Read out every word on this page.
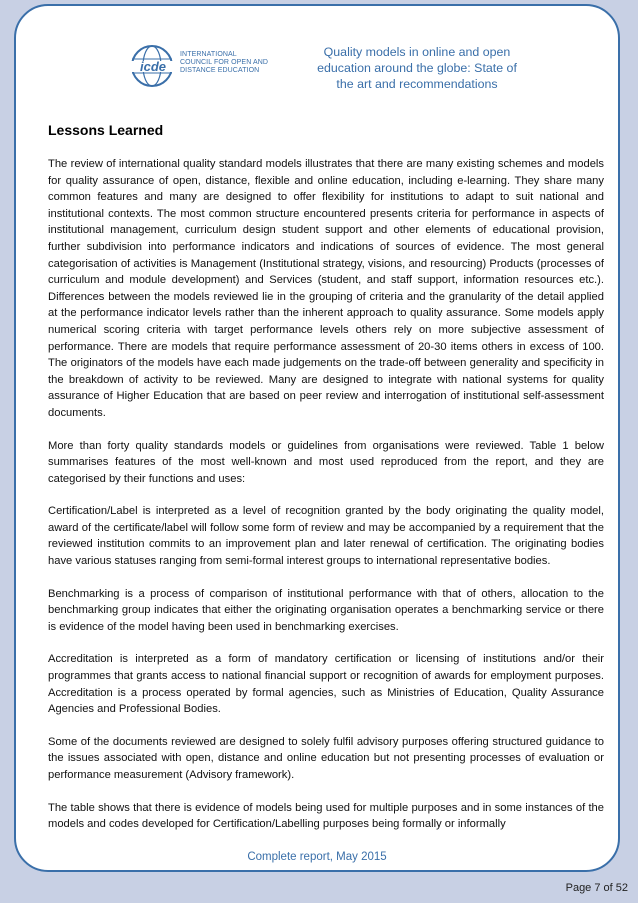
icde
INTERNATIONAL
COUNCIL FOR OPEN AND
DISTANCE EDUCATION
Quality models in online and open
education around the globe: State of
the art and recommendations
Lessons Learned

The review of international quality standard models illustrates that there are many existing schemes and models for quality assurance of open, distance, flexible and online education, including e-learning. They share many common features and many are designed to offer flexibility for institutions to adapt to suit national and institutional contexts. The most common structure encountered presents criteria for performance in aspects of institutional management, curriculum design student support and other elements of educational provision, further subdivision into performance indicators and indications of sources of evidence. The most general categorisation of activities is Management (Institutional strategy, visions, and resourcing) Products (processes of curriculum and module development) and Services (student, and staff support, information resources etc.). Differences between the models reviewed lie in the grouping of criteria and the granularity of the detail applied at the performance indicator levels rather than the inherent approach to quality assurance. Some models apply numerical scoring criteria with target performance levels others rely on more subjective assessment of performance. There are models that require performance assessment of 20-30 items others in excess of 100. The originators of the models have each made judgements on the trade-off between generality and specificity in the breakdown of activity to be reviewed. Many are designed to integrate with national systems for quality assurance of Higher Education that are based on peer review and interrogation of institutional self-assessment documents.

More than forty quality standards models or guidelines from organisations were reviewed. Table 1 below summarises features of the most well-known and most used reproduced from the report, and they are categorised by their functions and uses:

Certification/Label is interpreted as a level of recognition granted by the body originating the quality model, award of the certificate/label will follow some form of review and may be accompanied by a requirement that the reviewed institution commits to an improvement plan and later renewal of certification. The originating bodies have various statuses ranging from semi-formal interest groups to international representative bodies.

Benchmarking is a process of comparison of institutional performance with that of others, allocation to the benchmarking group indicates that either the originating organisation operates a benchmarking service or there is evidence of the model having been used in benchmarking exercises.

Accreditation is interpreted as a form of mandatory certification or licensing of institutions and/or their programmes that grants access to national financial support or recognition of awards for employment purposes. Accreditation is a process operated by formal agencies, such as Ministries of Education, Quality Assurance Agencies and Professional Bodies.

Some of the documents reviewed are designed to solely fulfil advisory purposes offering structured guidance to the issues associated with open, distance and online education but not presenting processes of evaluation or performance measurement (Advisory framework).

The table shows that there is evidence of models being used for multiple purposes and in some instances of the models and codes developed for Certification/Labelling purposes being formally or informally

Complete report, May 2015
Page 7 of 52
